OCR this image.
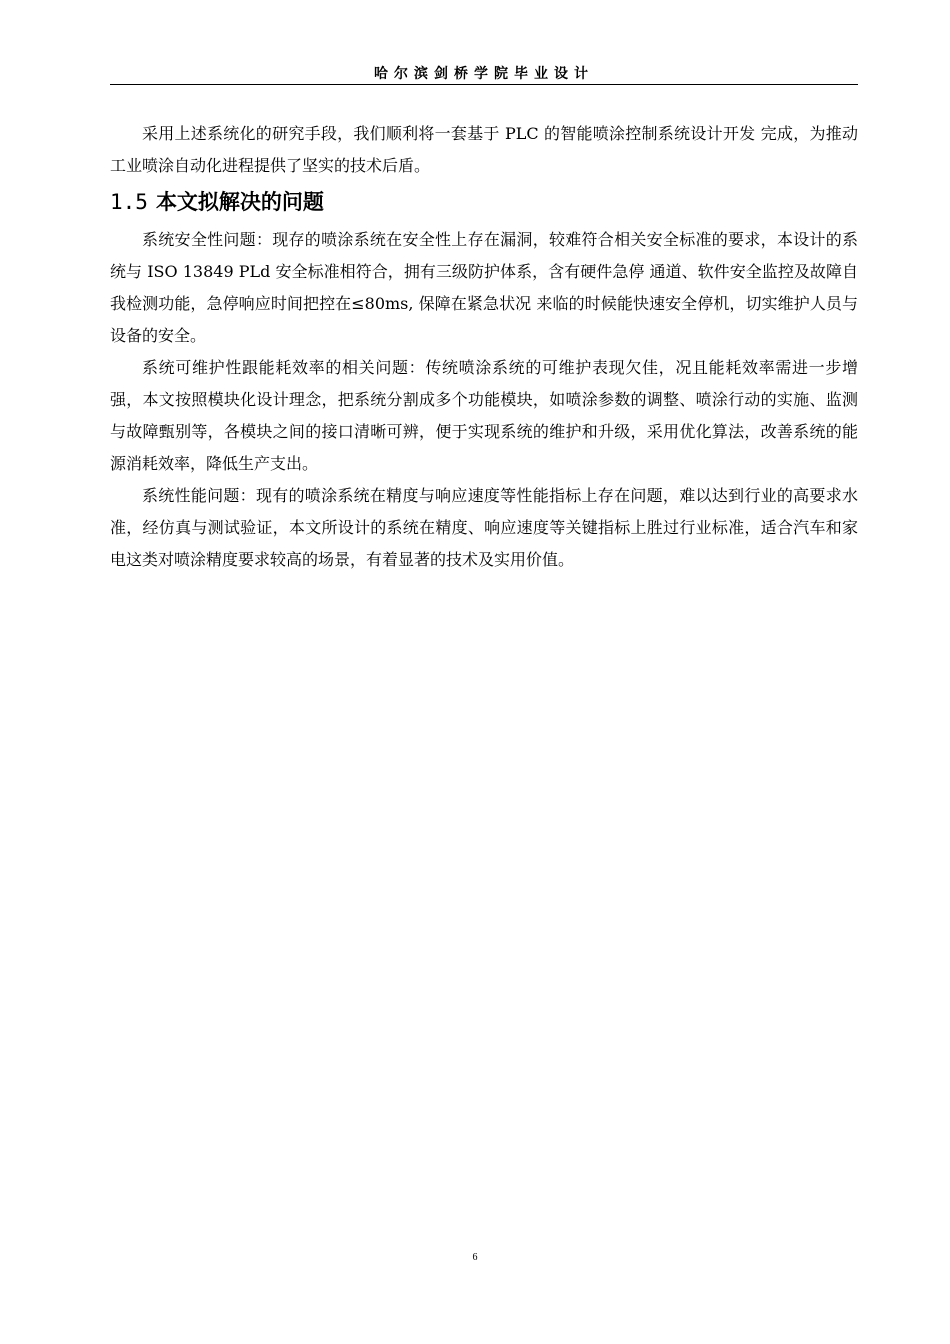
哈尔滨剑桥学院毕业设计

采用上述系统化的研究手段，我们顺利将一套基于 PLC 的智能喷涂控制系统设计开发 完成，为推动工业喷涂自动化进程提供了坚实的技术后盾。

1.5 本文拟解决的问题

系统安全性问题：现存的喷涂系统在安全性上存在漏洞，较难符合相关安全标准的要求，本设计的系统与 ISO 13849 PLd 安全标准相符合，拥有三级防护体系，含有硬件急停 通道、软件安全监控及故障自我检测功能，急停响应时间把控在≤80ms, 保障在紧急状况 来临的时候能快速安全停机，切实维护人员与设备的安全。

系统可维护性跟能耗效率的相关问题：传统喷涂系统的可维护表现欠佳，况且能耗效率需进一步增强，本文按照模块化设计理念，把系统分割成多个功能模块，如喷涂参数的调整、喷涂行动的实施、监测与故障甄别等，各模块之间的接口清晰可辨，便于实现系统的维护和升级，采用优化算法，改善系统的能源消耗效率，降低生产支出。

系统性能问题：现有的喷涂系统在精度与响应速度等性能指标上存在问题，难以达到行业的高要求水准，经仿真与测试验证，本文所设计的系统在精度、响应速度等关键指标上胜过行业标准，适合汽车和家电这类对喷涂精度要求较高的场景，有着显著的技术及实用价值。

6
